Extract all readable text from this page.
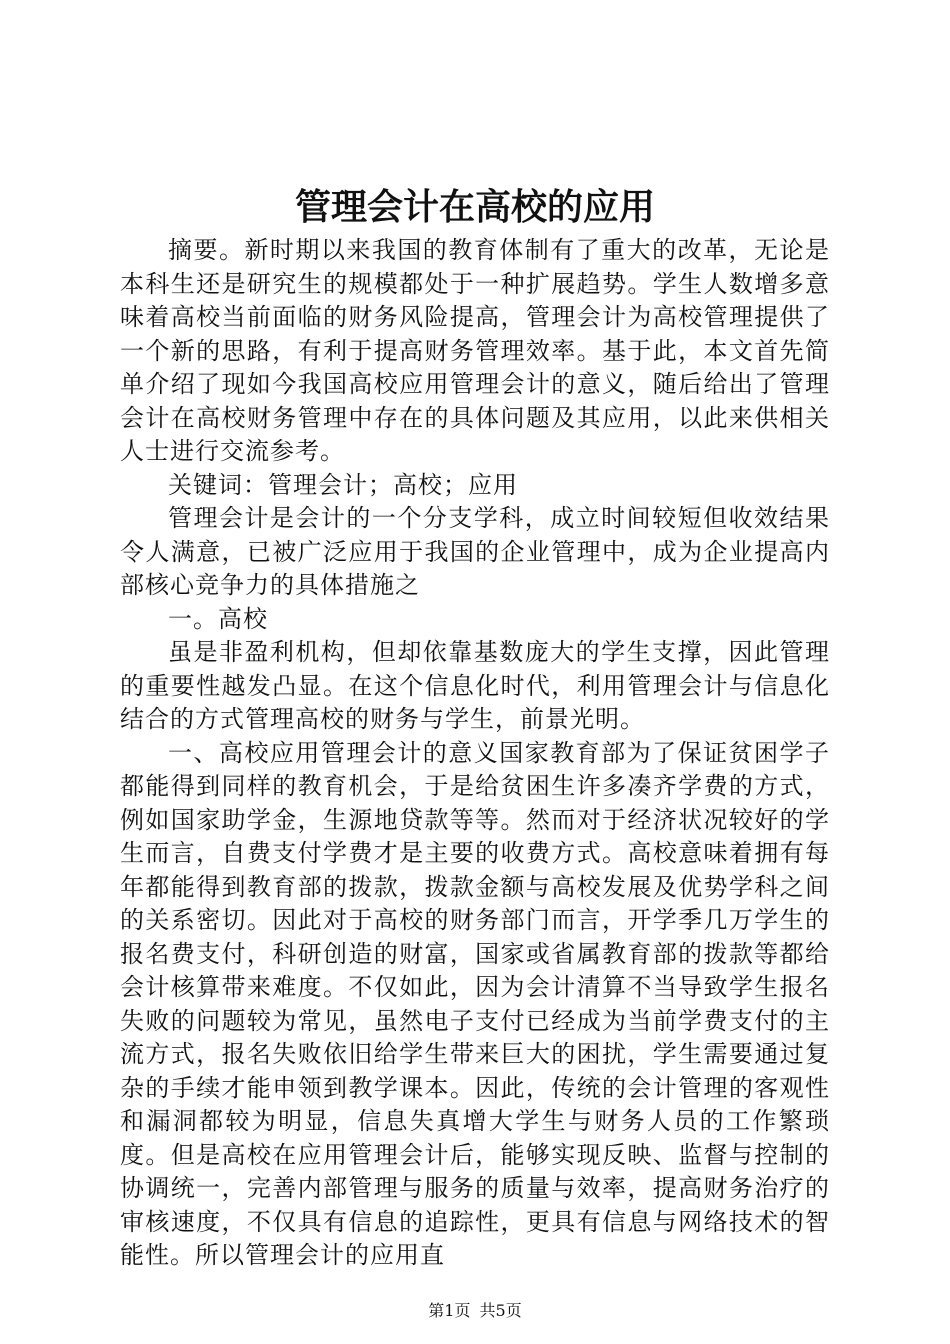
管理会计在高校的应用

摘要。新时期以来我国的教育体制有了重大的改革，无论是本科生还是研究生的规模都处于一种扩展趋势。学生人数增多意味着高校当前面临的财务风险提高，管理会计为高校管理提供了一个新的思路，有利于提高财务管理效率。基于此，本文首先简单介绍了现如今我国高校应用管理会计的意义，随后给出了管理会计在高校财务管理中存在的具体问题及其应用，以此来供相关人士进行交流参考。

关键词：管理会计；高校；应用

管理会计是会计的一个分支学科，成立时间较短但收效结果令人满意，已被广泛应用于我国的企业管理中，成为企业提高内部核心竞争力的具体措施之

一。高校

虽是非盈利机构，但却依靠基数庞大的学生支撑，因此管理的重要性越发凸显。在这个信息化时代，利用管理会计与信息化结合的方式管理高校的财务与学生，前景光明。

一、高校应用管理会计的意义国家教育部为了保证贫困学子都能得到同样的教育机会，于是给贫困生许多凑齐学费的方式，例如国家助学金，生源地贷款等等。然而对于经济状况较好的学生而言，自费支付学费才是主要的收费方式。高校意味着拥有每年都能得到教育部的拨款，拨款金额与高校发展及优势学科之间的关系密切。因此对于高校的财务部门而言，开学季几万学生的报名费支付，科研创造的财富，国家或省属教育部的拨款等都给会计核算带来难度。不仅如此，因为会计清算不当导致学生报名失败的问题较为常见，虽然电子支付已经成为当前学费支付的主流方式，报名失败依旧给学生带来巨大的困扰，学生需要通过复杂的手续才能申领到教学课本。因此，传统的会计管理的客观性和漏洞都较为明显，信息失真增大学生与财务人员的工作繁琐度。但是高校在应用管理会计后，能够实现反映、监督与控制的协调统一，完善内部管理与服务的质量与效率，提高财务治疗的审核速度，不仅具有信息的追踪性，更具有信息与网络技术的智能性。所以管理会计的应用直

第1页 共5页
